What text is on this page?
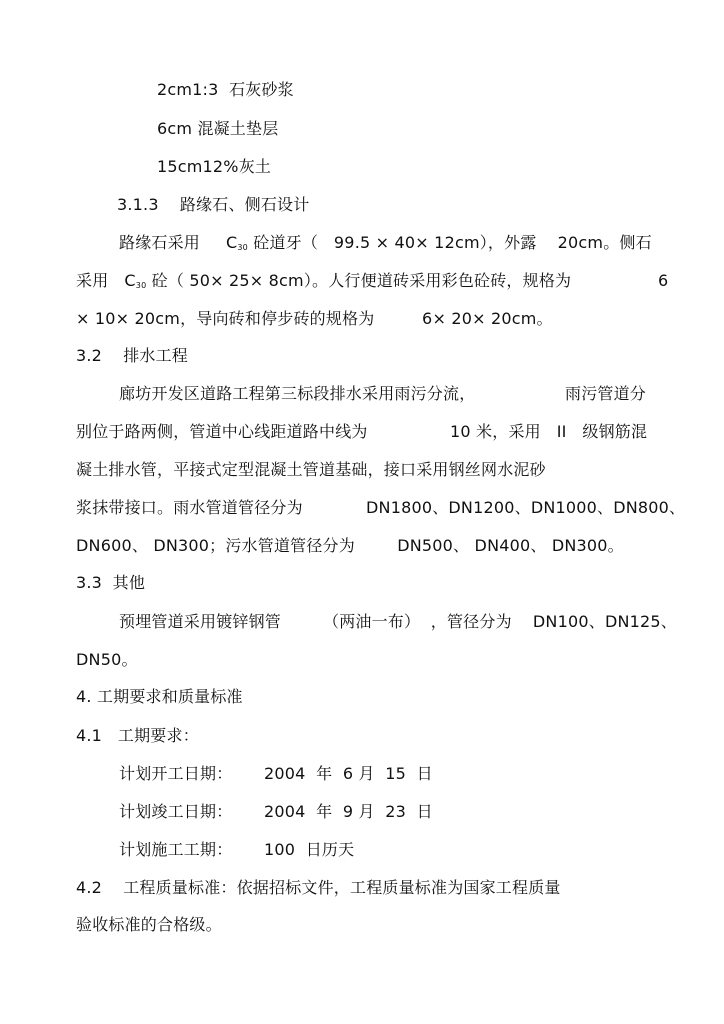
2cm1:3  石灰砂浆
6cm 混凝土垫层
15cm12%灰土
3.1.3    路缘石、侧石设计
路缘石采用 $C_{30}$ 砼道牙（   99.5 × 40× 12cm），外露    20cm。侧石
采用 $C_{30}$ 砼（ 50× 25× 8cm）。人行便道砖采用彩色砼砖，规格为	6
× 10× 20cm，导向砖和停步砖的规格为         6× 20× 20cm。
3.2    排水工程
廊坊开发区道路工程第三标段排水采用雨污分流，	雨污管道分
别位于路两侧，管道中心线距道路中线为	10 米，采用   II   级钢筋混
凝土排水管，平接式定型混凝土管道基础，接口采用钢丝网水泥砂
浆抹带接口。雨水管道管径分为	DN1800、DN1200、DN1000、DN800、
DN600、 DN300；污水管道管径分为        DN500、 DN400、 DN300。
3.3  其他
预埋管道采用镀锌钢管	（两油一布）  ，管径分为    DN100、DN125、
DN50。
4. 工期要求和质量标准
4.1   工期要求：
计划开工日期： 2004  年  6 月  15  日
计划竣工日期： 2004  年  9 月  23  日
计划施工工期： 100  日历天
4.2    工程质量标准：依据招标文件，工程质量标准为国家工程质量
验收标准的合格级。
